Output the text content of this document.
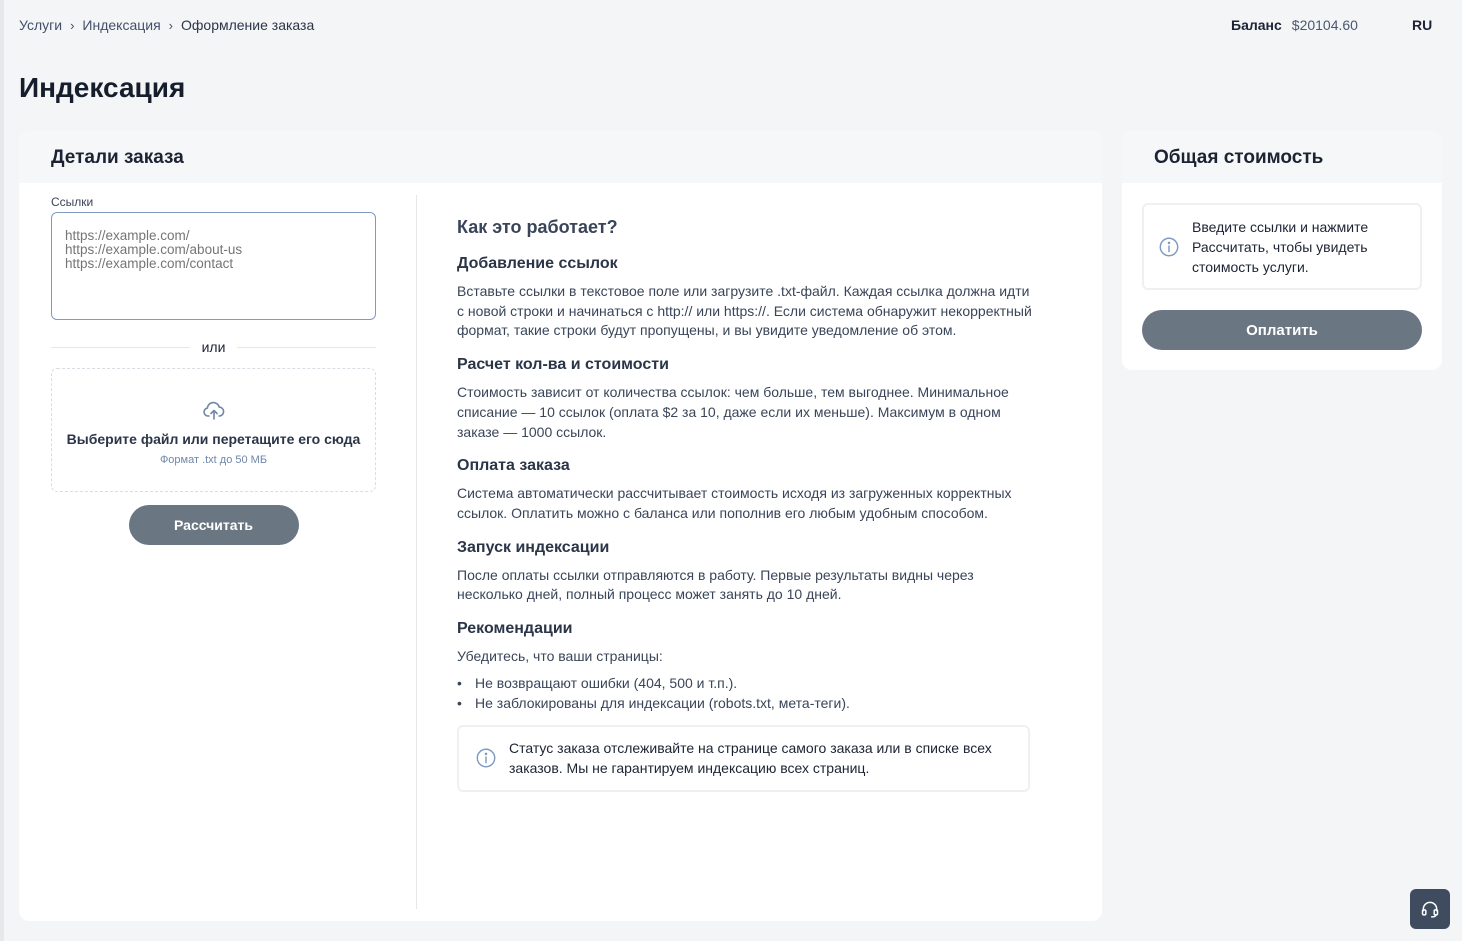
Услуги › Индексация › Оформление заказа	Баланс $20104.60	RU
Индексация
Детали заказа
Ссылки
https://example.com/ https://example.com/about-us https://example.com/contact
или
Выберите файл или перетащите его сюда
Формат .txt до 50 МБ
Рассчитать
Как это работает?
Добавление ссылок

Вставьте ссылки в текстовое поле или загрузите .txt-файл. Каждая ссылка должна идти с новой строки и начинаться с http:// или https://. Если система обнаружит некорректный формат, такие строки будут пропущены, и вы увидите уведомление об этом.

Расчет кол-ва и стоимости

Стоимость зависит от количества ссылок: чем больше, тем выгоднее. Минимальное списание — 10 ссылок (оплата $2 за 10, даже если их меньше). Максимум в одном заказе — 1000 ссылок.

Оплата заказа

Система автоматически рассчитывает стоимость исходя из загруженных корректных ссылок. Оплатить можно с баланса или пополнив его любым удобным способом.

Запуск индексации

После оплаты ссылки отправляются в работу. Первые результаты видны через несколько дней, полный процесс может занять до 10 дней.

Рекомендации

Убедитесь, что ваши страницы:

• Не возвращают ошибки (404, 500 и т.п.).
• Не заблокированы для индексации (robots.txt, мета-теги).
Статус заказа отслеживайте на странице самого заказа или в списке всех заказов. Мы не гарантируем индексацию всех страниц.
Общая стоимость
Введите ссылки и нажмите Рассчитать, чтобы увидеть стоимость услуги.
Оплатить
